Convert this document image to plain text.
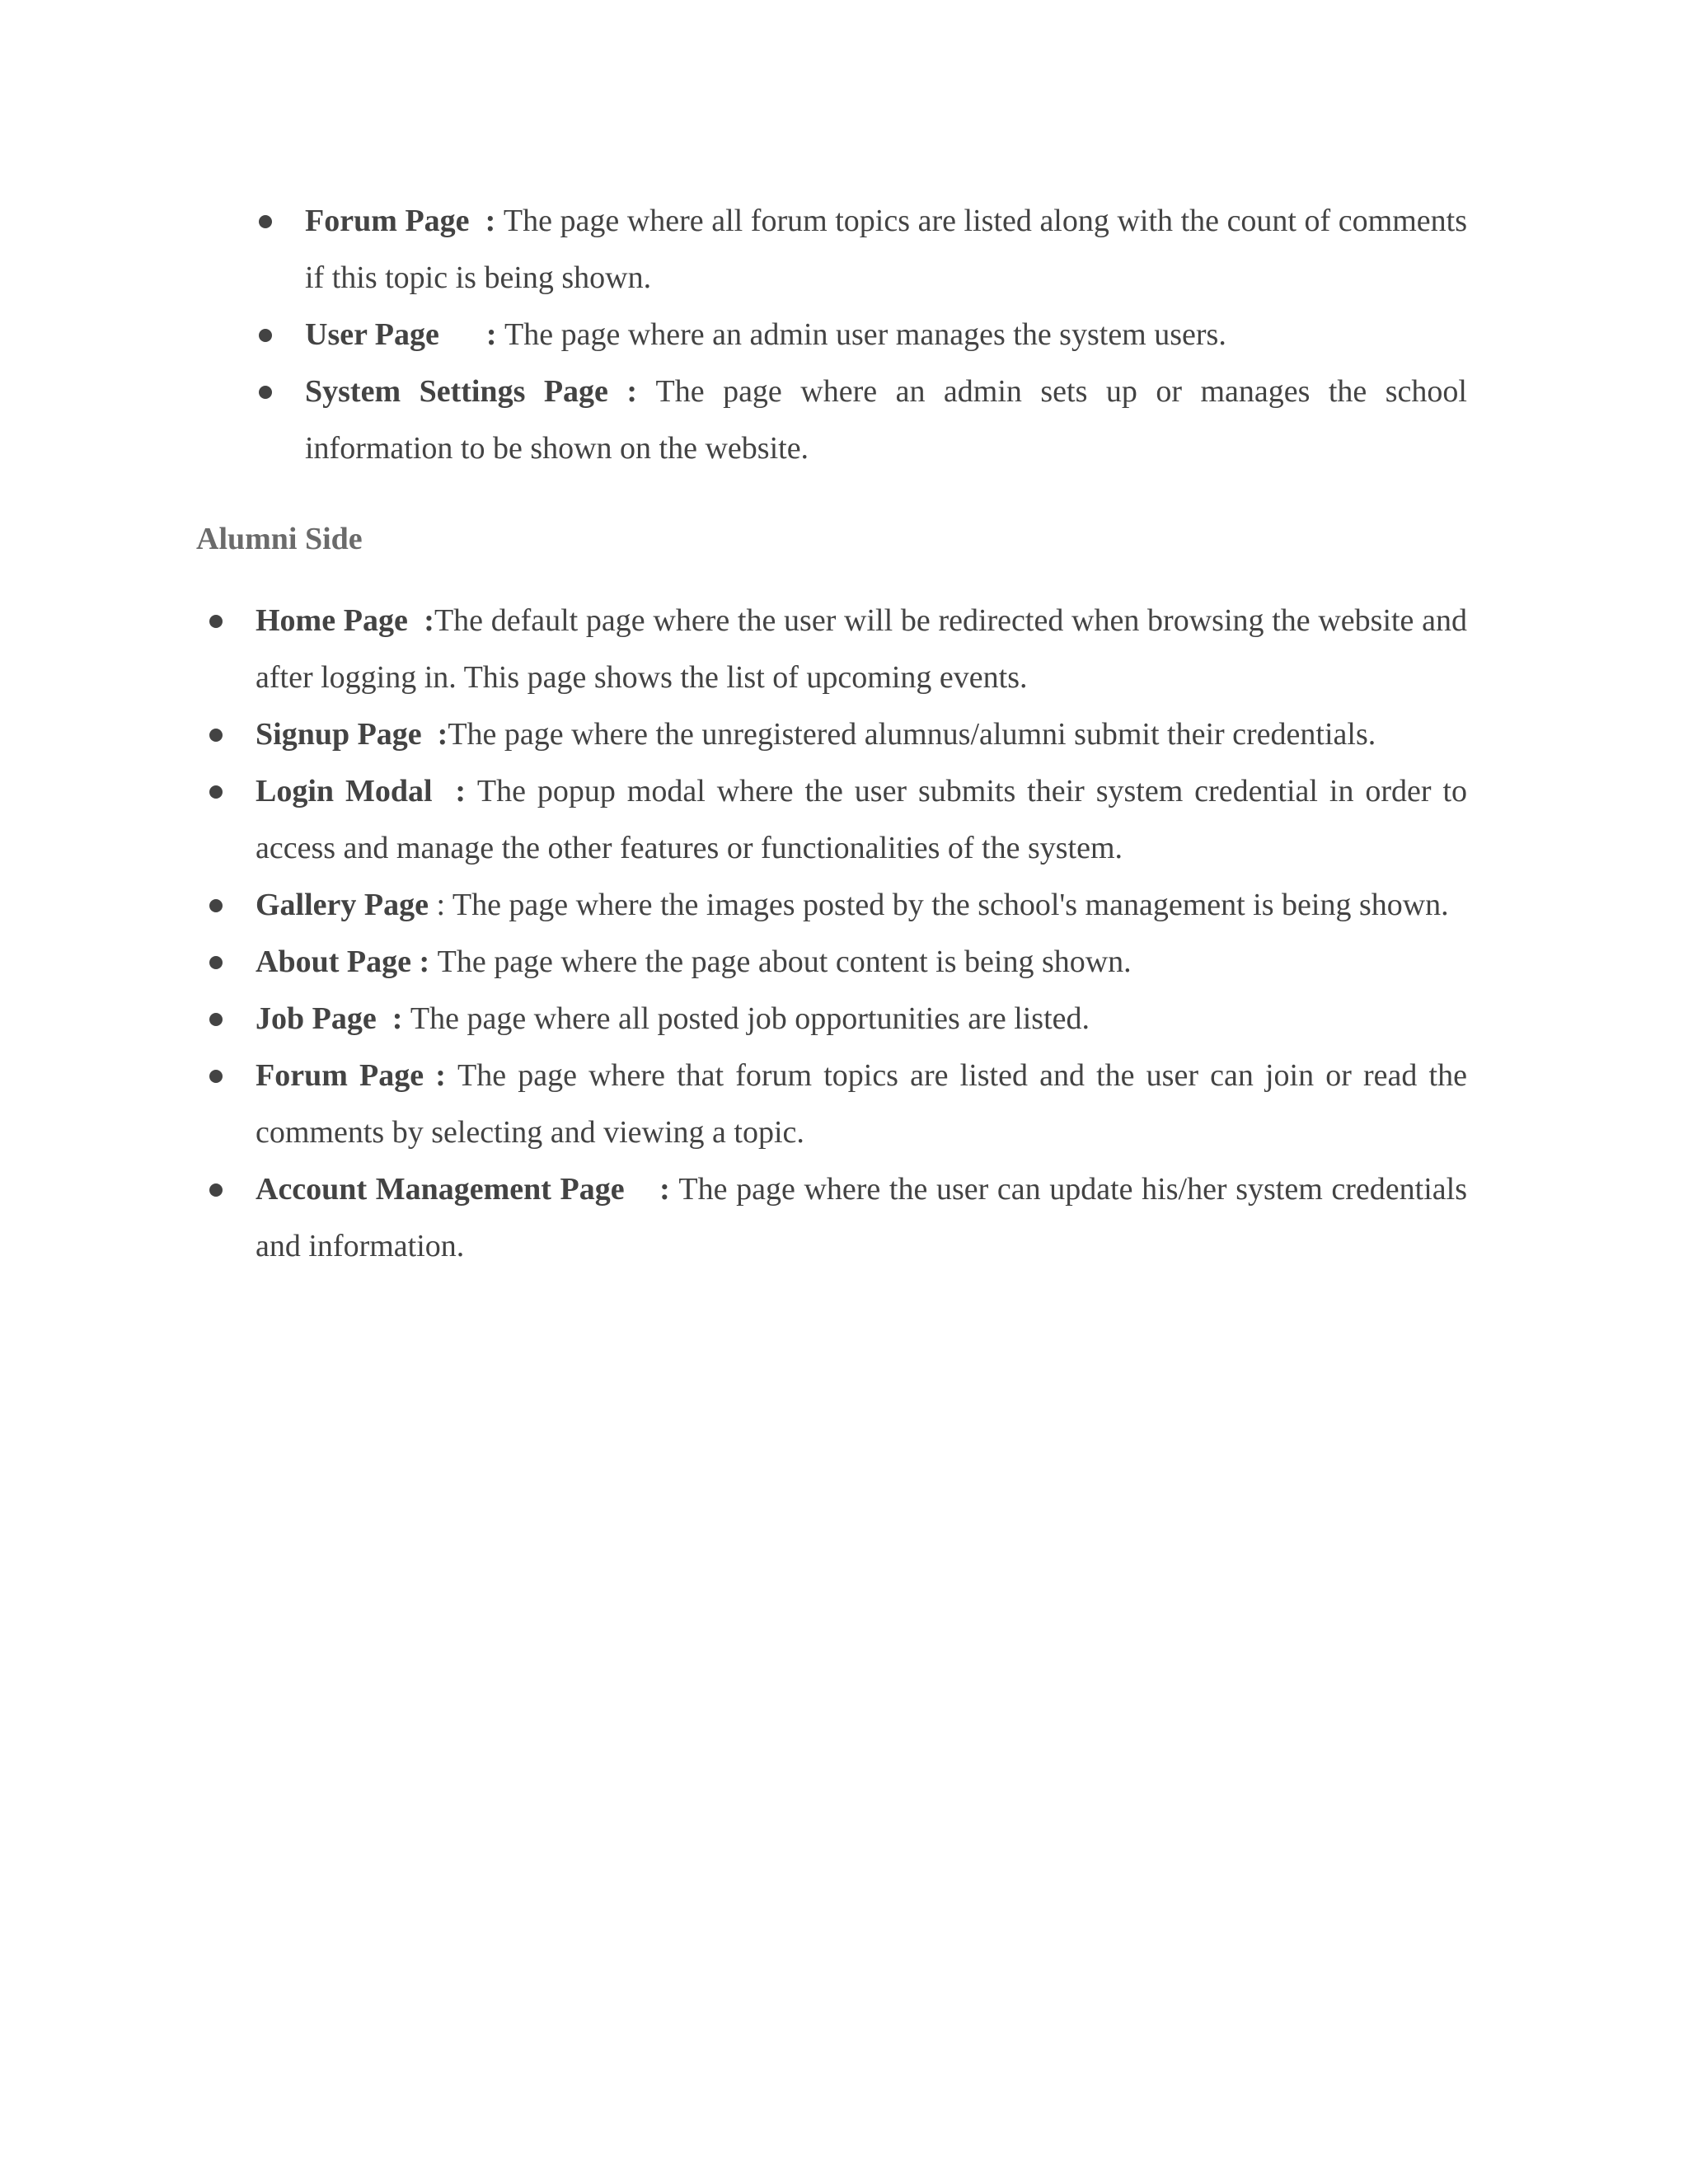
Forum Page  : The page where all forum topics are listed along with the count of comments if this topic is being shown.
User Page      : The page where an admin user manages the system users.
System Settings Page : The page where an admin sets up or manages the school information to be shown on the website.
Alumni Side
Home Page  :The default page where the user will be redirected when browsing the website and after logging in. This page shows the list of upcoming events.
Signup Page  :The page where the unregistered alumnus/alumni submit their credentials.
Login Modal  : The popup modal where the user submits their system credential in order to access and manage the other features or functionalities of the system.
Gallery Page : The page where the images posted by the school's management is being shown.
About Page : The page where the page about content is being shown.
Job Page  : The page where all posted job opportunities are listed.
Forum Page : The page where that forum topics are listed and the user can join or read the comments by selecting and viewing a topic.
Account Management Page    : The page where the user can update his/her system credentials and information.
